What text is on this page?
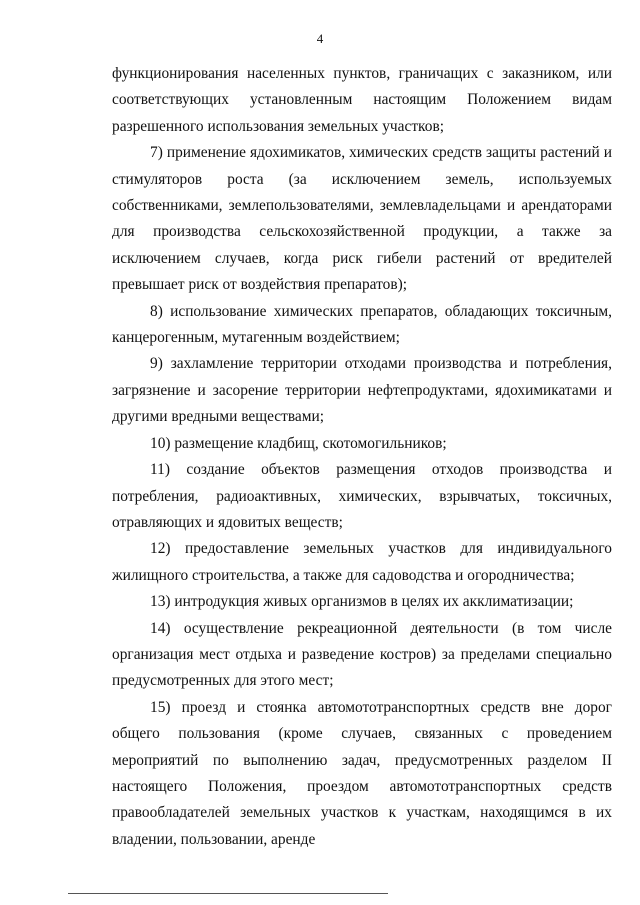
4

функционирования населенных пунктов, граничащих с заказником, или соответствующих установленным настоящим Положением видам разрешенного использования земельных участков;

7) применение ядохимикатов, химических средств защиты растений и стимуляторов роста (за исключением земель, используемых собственниками, землепользователями, землевладельцами и арендаторами для производства сельскохозяйственной продукции, а также за исключением случаев, когда риск гибели растений от вредителей превышает риск от воздействия препаратов);

8) использование химических препаратов, обладающих токсичным, канцерогенным, мутагенным воздействием;

9) захламление территории отходами производства и потребления, загрязнение и засорение территории нефтепродуктами, ядохимикатами и другими вредными веществами;

10) размещение кладбищ, скотомогильников;

11) создание объектов размещения отходов производства и потребления, радиоактивных, химических, взрывчатых, токсичных, отравляющих и ядовитых веществ;

12) предоставление земельных участков для индивидуального жилищного строительства, а также для садоводства и огородничества;

13) интродукция живых организмов в целях их акклиматизации;

14) осуществление рекреационной деятельности (в том числе организация мест отдыха и разведение костров) за пределами специально предусмотренных для этого мест;

15) проезд и стоянка автомототранспортных средств вне дорог общего пользования (кроме случаев, связанных с проведением мероприятий по выполнению задач, предусмотренных разделом II настоящего Положения, проездом автомототранспортных средств правообладателей земельных участков к участкам, находящимся в их владении, пользовании, аренде
